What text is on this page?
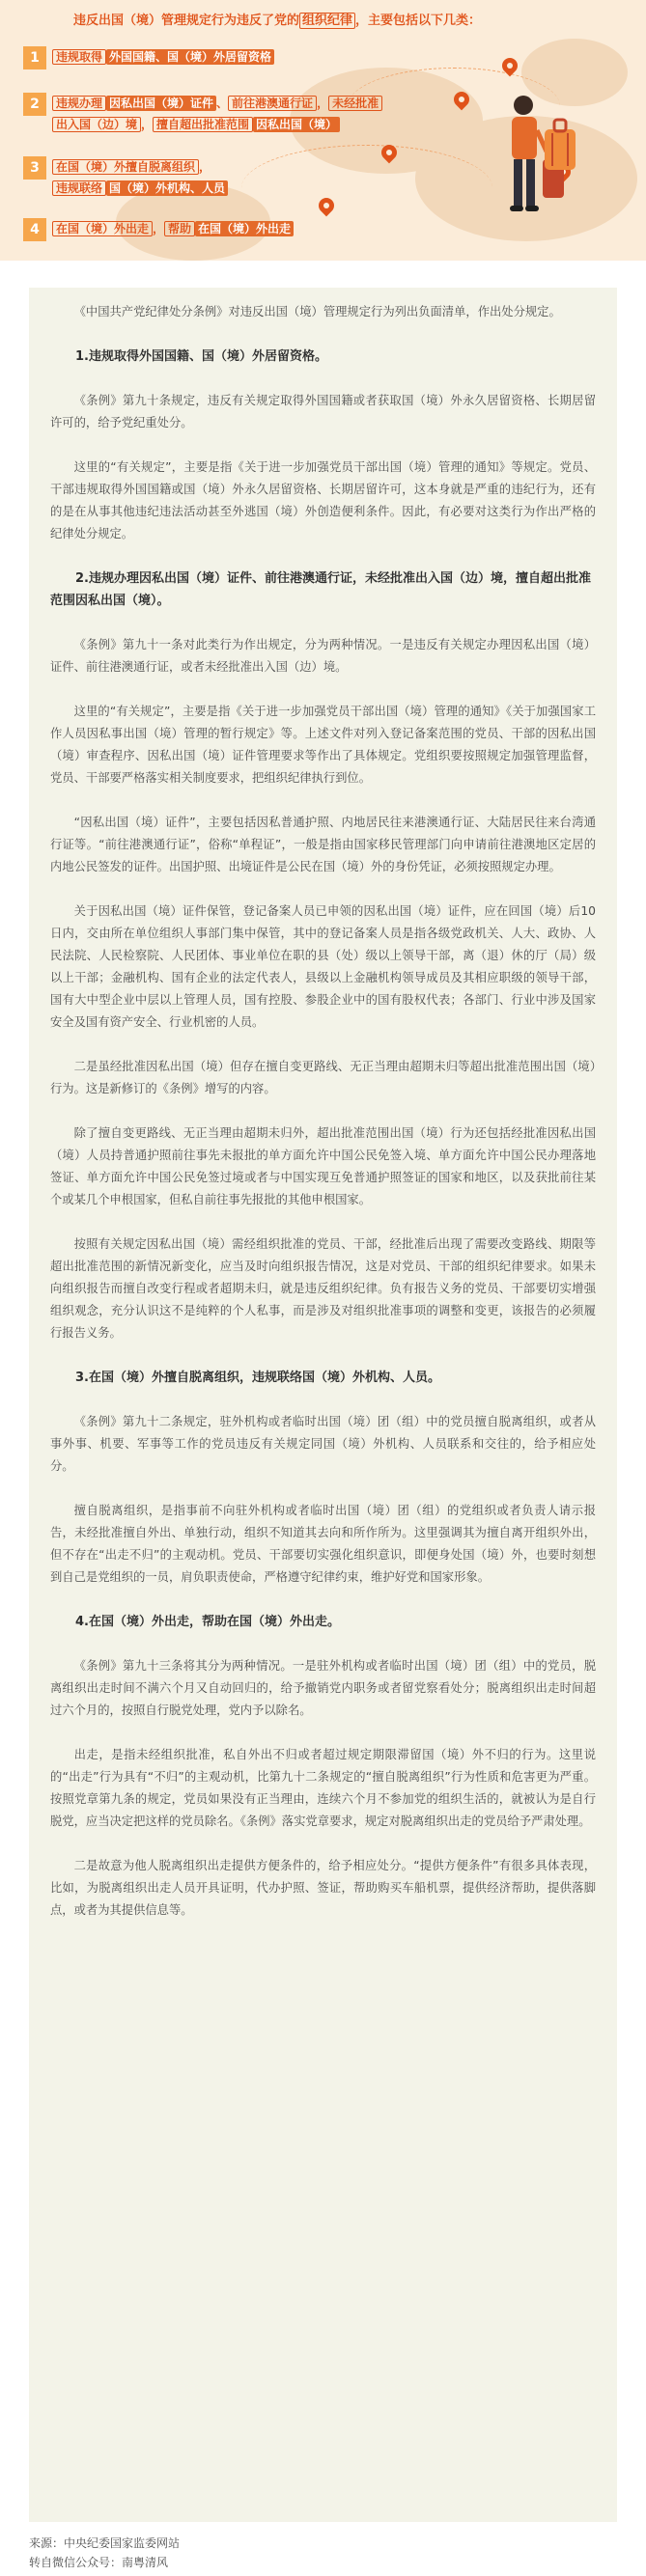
违反出国（境）管理规定行为违反了党的 组织纪律 ，主要包括以下几类：
1	违规取得 外国国籍、国（境）外居留资格
2	违规办理 因私出国（境）证件 、 前往港澳通行证 ， 未经批准
出入国（边）境 ， 擅自超出批准范围 因私出国（境）
3	在国（境）外擅自脱离组织 ，
违规联络 国（境）外机构、人员
4	在国（境）外出走 ， 帮助 在国（境）外出走

《中国共产党纪律处分条例》对违反出国（境）管理规定行为列出负面清单，作出处分规定。

1.违规取得外国国籍、国（境）外居留资格。

《条例》第九十条规定，违反有关规定取得外国国籍或者获取国（境）外永久居留资格、长期居留许可的，给予党纪重处分。

这里的“有关规定”，主要是指《关于进一步加强党员干部出国（境）管理的通知》等规定。党员、干部违规取得外国国籍或国（境）外永久居留资格、长期居留许可，这本身就是严重的违纪行为，还有的是在从事其他违纪违法活动甚至外逃国（境）外创造便利条件。因此，有必要对这类行为作出严格的纪律处分规定。

2.违规办理因私出国（境）证件、前往港澳通行证，未经批准出入国（边）境，擅自超出批准范围因私出国（境）。

《条例》第九十一条对此类行为作出规定，分为两种情况。一是违反有关规定办理因私出国（境）证件、前往港澳通行证，或者未经批准出入国（边）境。

这里的“有关规定”，主要是指《关于进一步加强党员干部出国（境）管理的通知》《关于加强国家工作人员因私事出国（境）管理的暂行规定》等。上述文件对列入登记备案范围的党员、干部的因私出国（境）审查程序、因私出国（境）证件管理要求等作出了具体规定。党组织要按照规定加强管理监督，党员、干部要严格落实相关制度要求，把组织纪律执行到位。

“因私出国（境）证件”，主要包括因私普通护照、内地居民往来港澳通行证、大陆居民往来台湾通行证等。“前往港澳通行证”，俗称“单程证”，一般是指由国家移民管理部门向申请前往港澳地区定居的内地公民签发的证件。出国护照、出境证件是公民在国（境）外的身份凭证，必须按照规定办理。

关于因私出国（境）证件保管，登记备案人员已申领的因私出国（境）证件，应在回国（境）后10日内，交由所在单位组织人事部门集中保管，其中的登记备案人员是指各级党政机关、人大、政协、人民法院、人民检察院、人民团体、事业单位在职的县（处）级以上领导干部，离（退）休的厅（局）级以上干部；金融机构、国有企业的法定代表人，县级以上金融机构领导成员及其相应职级的领导干部，国有大中型企业中层以上管理人员，国有控股、参股企业中的国有股权代表；各部门、行业中涉及国家安全及国有资产安全、行业机密的人员。

二是虽经批准因私出国（境）但存在擅自变更路线、无正当理由超期未归等超出批准范围出国（境）行为。这是新修订的《条例》增写的内容。

除了擅自变更路线、无正当理由超期未归外，超出批准范围出国（境）行为还包括经批准因私出国（境）人员持普通护照前往事先未报批的单方面允许中国公民免签入境、单方面允许中国公民办理落地签证、单方面允许中国公民免签过境或者与中国实现互免普通护照签证的国家和地区，以及获批前往某个或某几个申根国家，但私自前往事先报批的其他申根国家。

按照有关规定因私出国（境）需经组织批准的党员、干部，经批准后出现了需要改变路线、期限等超出批准范围的新情况新变化，应当及时向组织报告情况，这是对党员、干部的组织纪律要求。如果未向组织报告而擅自改变行程或者超期未归，就是违反组织纪律。负有报告义务的党员、干部要切实增强组织观念，充分认识这不是纯粹的个人私事，而是涉及对组织批准事项的调整和变更，该报告的必须履行报告义务。

3.在国（境）外擅自脱离组织，违规联络国（境）外机构、人员。

《条例》第九十二条规定，驻外机构或者临时出国（境）团（组）中的党员擅自脱离组织，或者从事外事、机要、军事等工作的党员违反有关规定同国（境）外机构、人员联系和交往的，给予相应处分。

擅自脱离组织，是指事前不向驻外机构或者临时出国（境）团（组）的党组织或者负责人请示报告，未经批准擅自外出、单独行动，组织不知道其去向和所作所为。这里强调其为擅自离开组织外出，但不存在“出走不归”的主观动机。党员、干部要切实强化组织意识，即便身处国（境）外，也要时刻想到自己是党组织的一员，肩负职责使命，严格遵守纪律约束，维护好党和国家形象。

4.在国（境）外出走，帮助在国（境）外出走。

《条例》第九十三条将其分为两种情况。一是驻外机构或者临时出国（境）团（组）中的党员，脱离组织出走时间不满六个月又自动回归的，给予撤销党内职务或者留党察看处分；脱离组织出走时间超过六个月的，按照自行脱党处理，党内予以除名。

出走，是指未经组织批准，私自外出不归或者超过规定期限滞留国（境）外不归的行为。这里说的“出走”行为具有“不归”的主观动机，比第九十二条规定的“擅自脱离组织”行为性质和危害更为严重。按照党章第九条的规定，党员如果没有正当理由，连续六个月不参加党的组织生活的，就被认为是自行脱党，应当决定把这样的党员除名。《条例》落实党章要求，规定对脱离组织出走的党员给予严肃处理。

二是故意为他人脱离组织出走提供方便条件的，给予相应处分。“提供方便条件”有很多具体表现，比如，为脱离组织出走人员开具证明，代办护照、签证，帮助购买车船机票，提供经济帮助，提供落脚点，或者为其提供信息等。

来源：中央纪委国家监委网站
转自微信公众号：南粤清风
